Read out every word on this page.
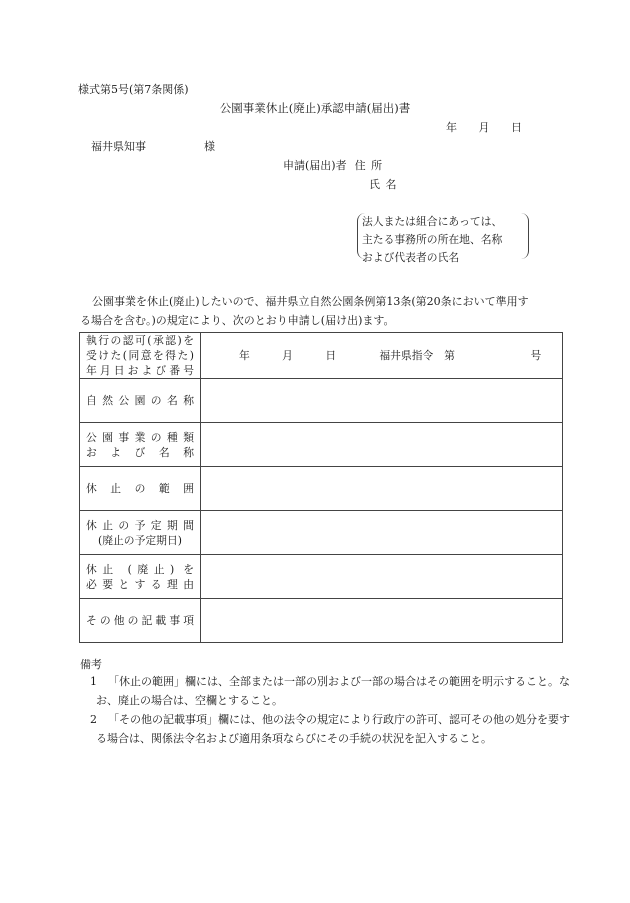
様式第5号(第7条関係)
公園事業休止(廃止)承認申請(届出)書
年 月 日
福井県知事	様
申請(届出)者 住 所
氏 名
法人または組合にあっては、
主たる事務所の所在地、名称
および代表者の氏名

公園事業を休止(廃止)したいので、福井県立自然公園条例第13条(第20条において準用す

る場合を含む。)の規定により、次のとおり申請し(届け出)ます。

執行の認可(承認)を
受けた(同意を得た)
年月日および番号	年　　　月　　　日　　　　福井県指令　第　　　　　　　号

自然公園の名称	

公園事業の種類
および名称	

休止の範囲	

休止の予定期間
(廃止の予定期日)	

休止 (廃止) を
必要とする理由	

その他の記載事項	

備考
1	「休止の範囲」欄には、全部または一部の別および一部の場合はその範囲を明示すること。なお、廃止の場合は、空欄とすること。
2	「その他の記載事項」欄には、他の法令の規定により行政庁の許可、認可その他の処分を要する場合は、関係法令名および適用条項ならびにその手続の状況を記入すること。
